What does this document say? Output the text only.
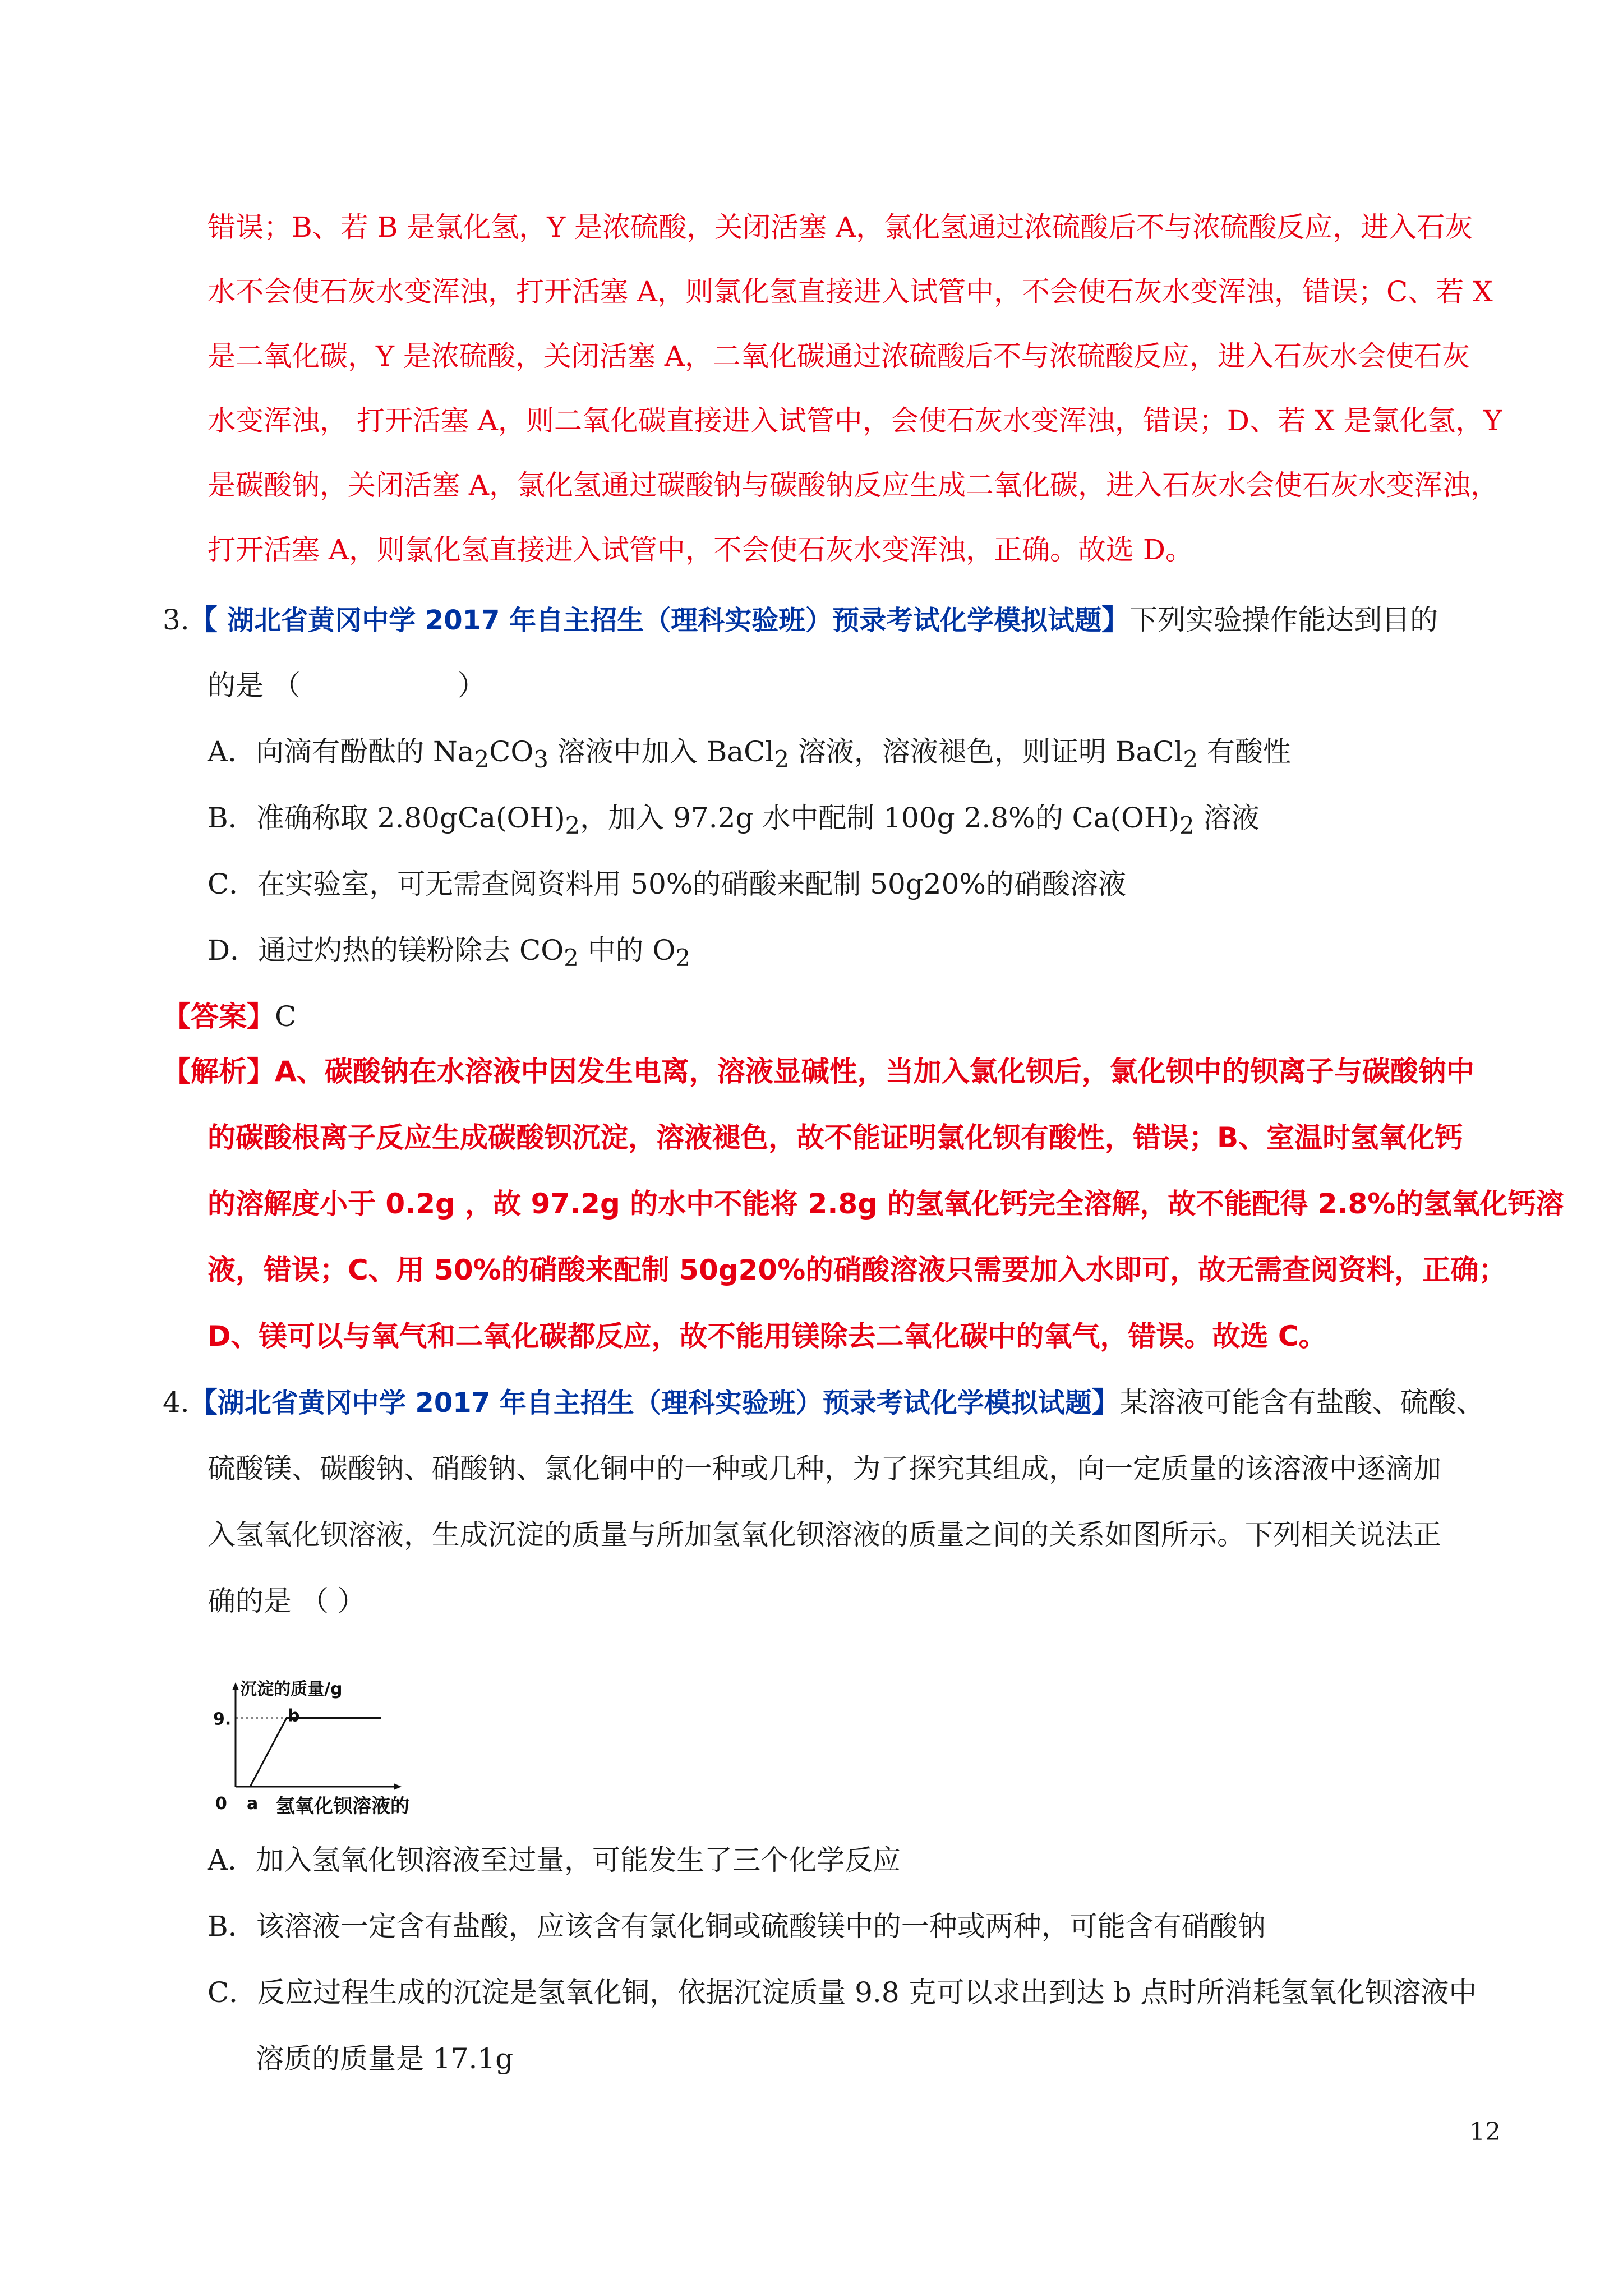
错误；B、若 B 是氯化氢，Y 是浓硫酸，关闭活塞 A，氯化氢通过浓硫酸后不与浓硫酸反应，进入石灰
水不会使石灰水变浑浊，打开活塞 A，则氯化氢直接进入试管中，不会使石灰水变浑浊，错误；C、若 X
是二氧化碳，Y 是浓硫酸，关闭活塞 A，二氧化碳通过浓硫酸后不与浓硫酸反应，进入石灰水会使石灰
水变浑浊， 打开活塞 A，则二氧化碳直接进入试管中，会使石灰水变浑浊，错误；D、若 X 是氯化氢，Y
是碳酸钠，关闭活塞 A，氯化氢通过碳酸钠与碳酸钠反应生成二氧化碳，进入石灰水会使石灰水变浑浊，
打开活塞 A，则氯化氢直接进入试管中，不会使石灰水变浑浊，正确。故选 D。
3.【 湖北省黄冈中学 2017 年自主招生（理科实验班）预录考试化学模拟试题】下列实验操作能达到目的
的是 （	）
A．向滴有酚酞的 $Na_2CO_3$ 溶液中加入 BaCl$_2$ 溶液，溶液褪色，则证明 BaCl$_2$ 有酸性
B．准确称取 $2.80gCa(OH)_2$，加入 97.2g 水中配制 100g 2.8%的 $Ca(OH)_2$ 溶液
C．在实验室，可无需查阅资料用 50%的硝酸来配制 50g20%的硝酸溶液
D．通过灼热的镁粉除去 $CO_2$ 中的 $O_2$
【答案】C
【解析】A、碳酸钠在水溶液中因发生电离，溶液显碱性，当加入氯化钡后，氯化钡中的钡离子与碳酸钠中
的碳酸根离子反应生成碳酸钡沉淀，溶液褪色，故不能证明氯化钡有酸性，错误；B、室温时氢氧化钙
的溶解度小于 0.2g ，故 97.2g 的水中不能将 2.8g 的氢氧化钙完全溶解，故不能配得 2.8%的氢氧化钙溶
液，错误；C、用 50%的硝酸来配制 50g20%的硝酸溶液只需要加入水即可，故无需查阅资料，正确；
D、镁可以与氧气和二氧化碳都反应，故不能用镁除去二氧化碳中的氧气，错误。故选 C。
4.【湖北省黄冈中学 2017 年自主招生（理科实验班）预录考试化学模拟试题】某溶液可能含有盐酸、硫酸、
硫酸镁、碳酸钠、硝酸钠、氯化铜中的一种或几种，为了探究其组成，向一定质量的该溶液中逐滴加
入氢氧化钡溶液，生成沉淀的质量与所加氢氧化钡溶液的质量之间的关系如图所示。下列相关说法正
确的是 （ ）
沉淀的质量/g
9.
0 a
b
氢氧化钡溶液的
A．加入氢氧化钡溶液至过量，可能发生了三个化学反应
B．该溶液一定含有盐酸，应该含有氯化铜或硫酸镁中的一种或两种，可能含有硝酸钠
C．反应过程生成的沉淀是氢氧化铜，依据沉淀质量 9.8 克可以求出到达 b 点时所消耗氢氧化钡溶液中
溶质的质量是 17.1g
12
